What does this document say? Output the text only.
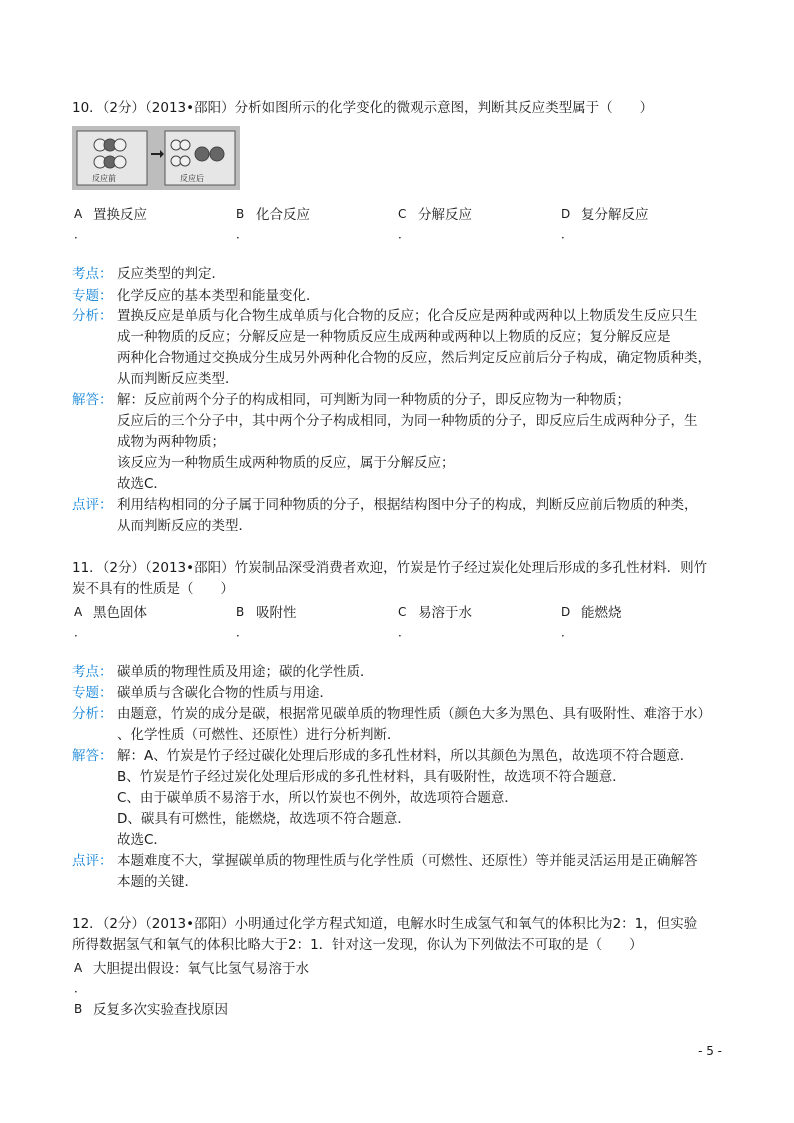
10．（2分）（2013•邵阳）分析如图所示的化学变化的微观示意图，判断其反应类型属于（　　）
反应前	反应后
A 置换反应
．
B 化合反应
．
C 分解反应
．
D 复分解反应
．
考点： 反应类型的判定．
专题： 化学反应的基本类型和能量变化．
分析： 置换反应是单质与化合物生成单质与化合物的反应；化合反应是两种或两种以上物质发生反应只生
成一种物质的反应；分解反应是一种物质反应生成两种或两种以上物质的反应；复分解反应是
两种化合物通过交换成分生成另外两种化合物的反应，然后判定反应前后分子构成，确定物质种类，
从而判断反应类型．
解答： 解：反应前两个分子的构成相同，可判断为同一种物质的分子，即反应物为一种物质；
反应后的三个分子中，其中两个分子构成相同，为同一种物质的分子，即反应后生成两种分子，生
成物为两种物质；
该反应为一种物质生成两种物质的反应，属于分解反应；
故选C．
点评： 利用结构相同的分子属于同种物质的分子，根据结构图中分子的构成，判断反应前后物质的种类，
从而判断反应的类型．
11．（2分）（2013•邵阳）竹炭制品深受消费者欢迎，竹炭是竹子经过炭化处理后形成的多孔性材料．则竹
炭不具有的性质是（　　）
A 黑色固体
．
B 吸附性
．
C 易溶于水
．
D 能燃烧
．
考点： 碳单质的物理性质及用途；碳的化学性质．
专题： 碳单质与含碳化合物的性质与用途．
分析： 由题意，竹炭的成分是碳，根据常见碳单质的物理性质（颜色大多为黑色、具有吸附性、难溶于水）
、化学性质（可燃性、还原性）进行分析判断．
解答： 解：A、竹炭是竹子经过碳化处理后形成的多孔性材料，所以其颜色为黑色，故选项不符合题意．
B、竹炭是竹子经过炭化处理后形成的多孔性材料，具有吸附性，故选项不符合题意．
C、由于碳单质不易溶于水，所以竹炭也不例外，故选项符合题意．
D、碳具有可燃性，能燃烧，故选项不符合题意．
故选C．
点评： 本题难度不大，掌握碳单质的物理性质与化学性质（可燃性、还原性）等并能灵活运用是正确解答
本题的关键．
12．（2分）（2013•邵阳）小明通过化学方程式知道，电解水时生成氢气和氧气的体积比为2：1，但实验
所得数据氢气和氧气的体积比略大于2：1．针对这一发现，你认为下列做法不可取的是（　　）
A 大胆提出假设：氧气比氢气易溶于水
．
B 反复多次实验查找原因
- 5 -
